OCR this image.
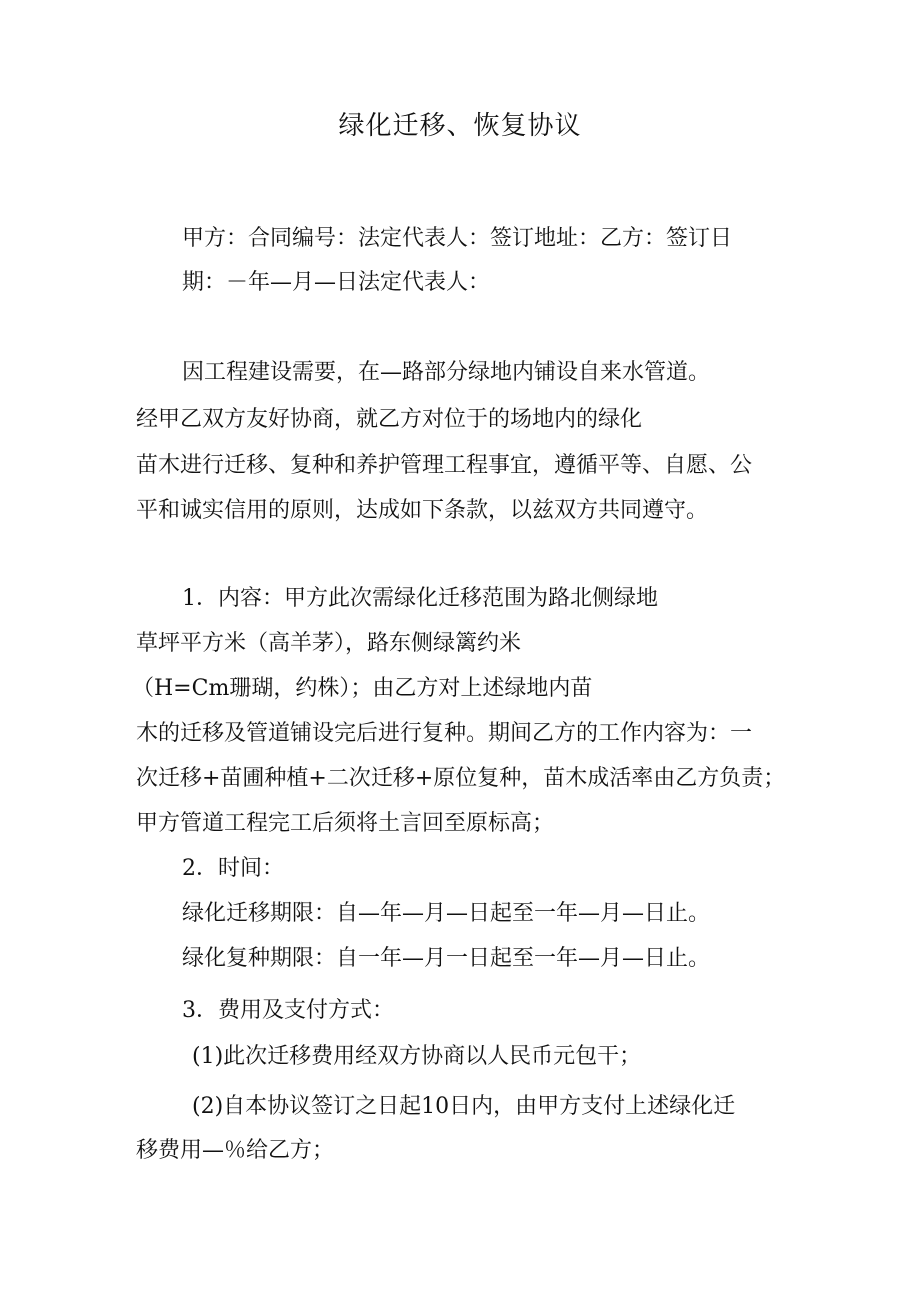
绿化迁移、恢复协议
甲方：合同编号：法定代表人：签订地址：乙方：签订日
期：－年—月—日法定代表人：
因工程建设需要，在—路部分绿地内铺设自来水管道。
经甲乙双方友好协商，就乙方对位于的场地内的绿化
苗木进行迁移、复种和养护管理工程事宜，遵循平等、自愿、公
平和诚实信用的原则，达成如下条款，以兹双方共同遵守。
1．内容：甲方此次需绿化迁移范围为路北侧绿地
草坪平方米（高羊茅），路东侧绿篱约米
（H=Cm珊瑚，约株）；由乙方对上述绿地内苗
木的迁移及管道铺设完后进行复种。期间乙方的工作内容为：一
次迁移+苗圃种植+二次迁移+原位复种，苗木成活率由乙方负责；
甲方管道工程完工后须将土言回至原标高；
2．时间：
绿化迁移期限：自—年—月—日起至一年—月—日止。
绿化复种期限：自一年—月一日起至一年—月—日止。
3．费用及支付方式：
(1)此次迁移费用经双方协商以人民币元包干；
(2)自本协议签订之日起10日内，由甲方支付上述绿化迁
移费用—％给乙方；
